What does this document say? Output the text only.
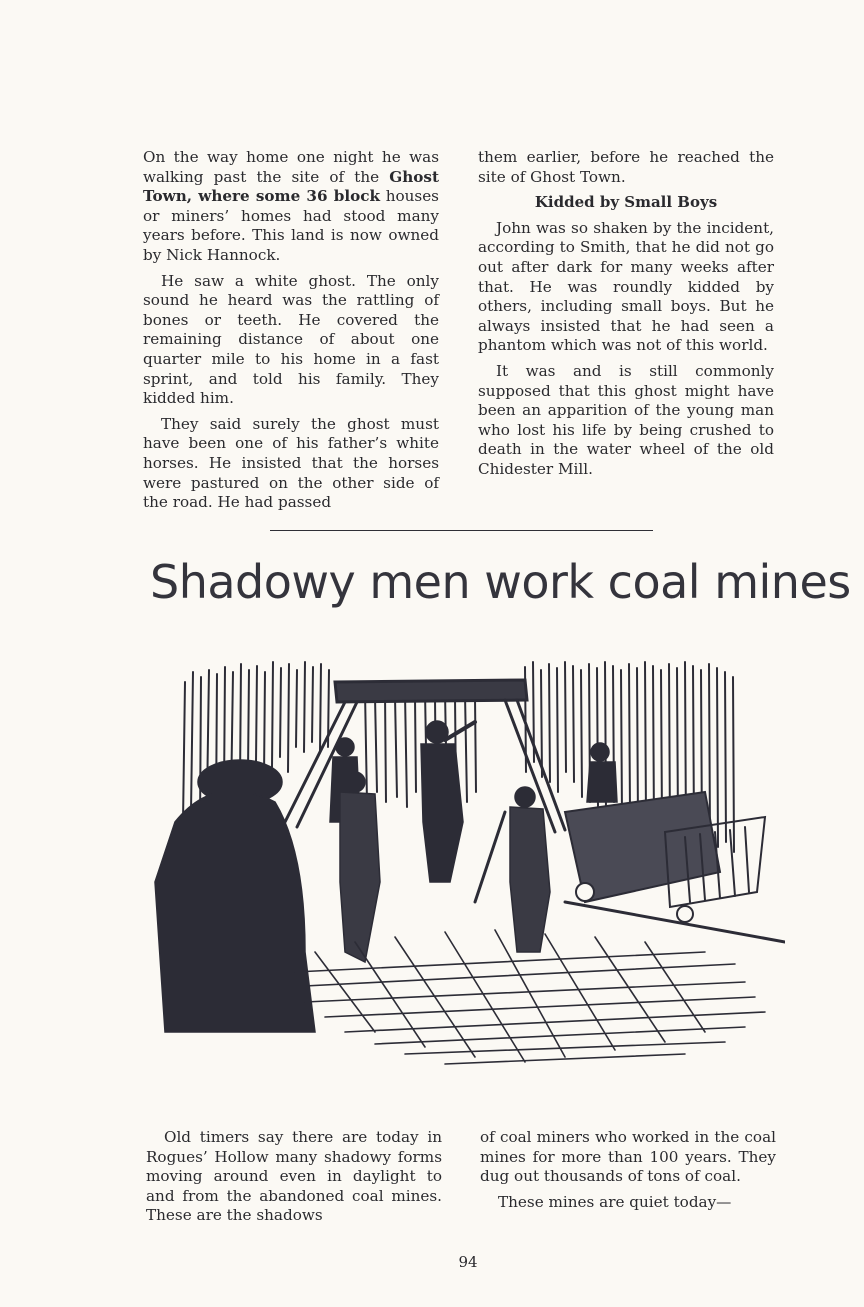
On the way home one night he was walking past the site of the Ghost Town, where some 36 block houses or miners’ homes had stood many years before. This land is now owned by Nick Hannock.

He saw a white ghost. The only sound he heard was the rattling of bones or teeth. He covered the remaining distance of about one quarter mile to his home in a fast sprint, and told his family. They kidded him.

They said surely the ghost must have been one of his father’s white horses. He insisted that the horses were pastured on the other side of the road. He had passed

them earlier, before he reached the site of Ghost Town.

Kidded by Small Boys

John was so shaken by the incident, according to Smith, that he did not go out after dark for many weeks after that. He was roundly kidded by others, including small boys. But he always insisted that he had seen a phantom which was not of this world.

It was and is still commonly supposed that this ghost might have been an apparition of the young man who lost his life by being crushed to death in the water wheel of the old Chidester Mill.

Shadowy men work coal mines

Old timers say there are today in Rogues’ Hollow many shadowy forms moving around even in daylight to and from the abandoned coal mines. These are the shadows

of coal miners who worked in the coal mines for more than 100 years. They dug out thousands of tons of coal.

These mines are quiet today—

94
